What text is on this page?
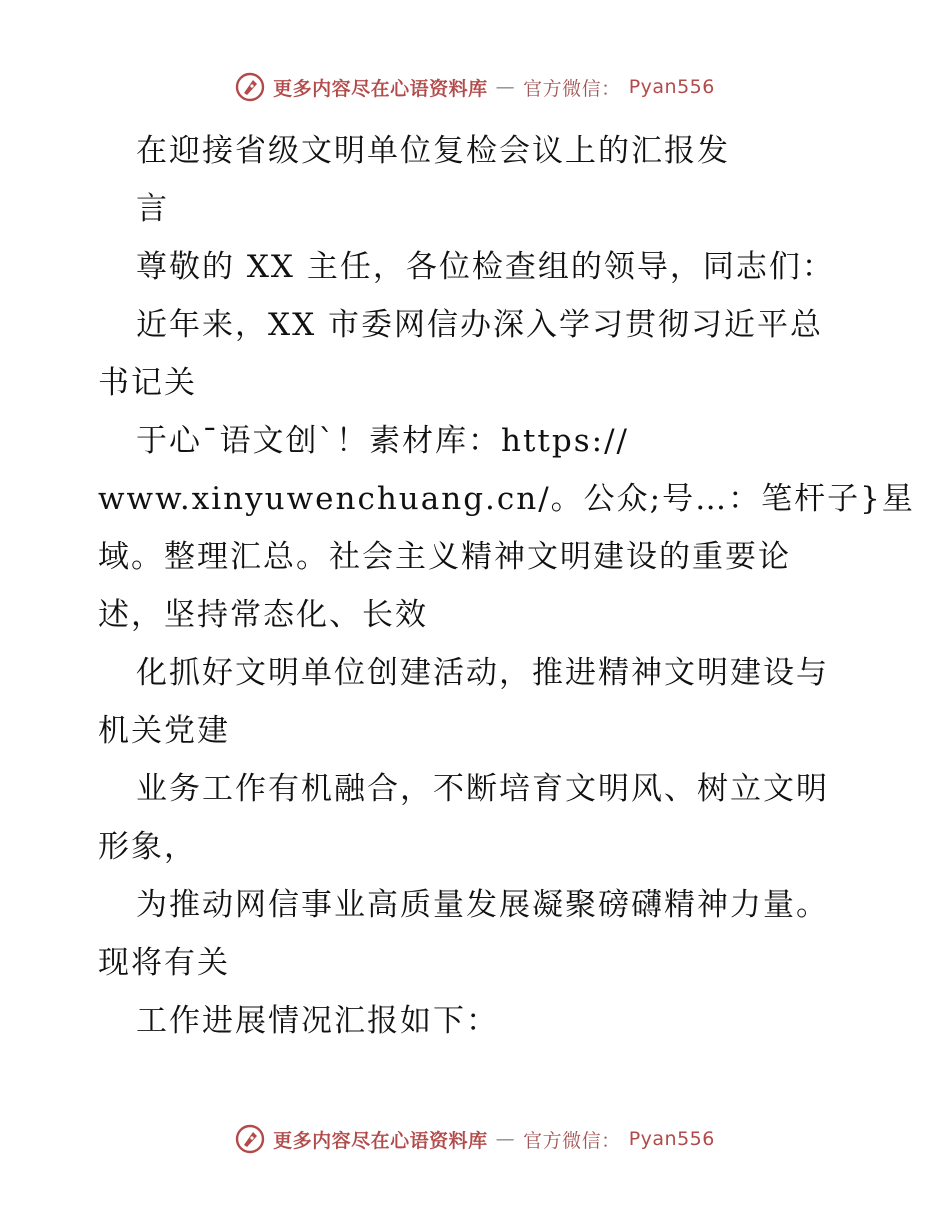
更多内容尽在心语资料库 — 官方微信： Pyan556
在迎接省级文明单位复检会议上的汇报发
言
尊敬的 XX 主任，各位检查组的领导，同志们：
近年来，XX 市委网信办深入学习贯彻习近平总
书记关
于心¯语文创`！素材库：https://
www.xinyuwenchuang.cn/。公众;号…：笔杆子}星
域。整理汇总。社会主义精神文明建设的重要论
述，坚持常态化、长效
化抓好文明单位创建活动，推进精神文明建设与
机关党建
业务工作有机融合，不断培育文明风、树立文明
形象，
为推动网信事业高质量发展凝聚磅礴精神力量。
现将有关
工作进展情况汇报如下：
更多内容尽在心语资料库 — 官方微信： Pyan556
